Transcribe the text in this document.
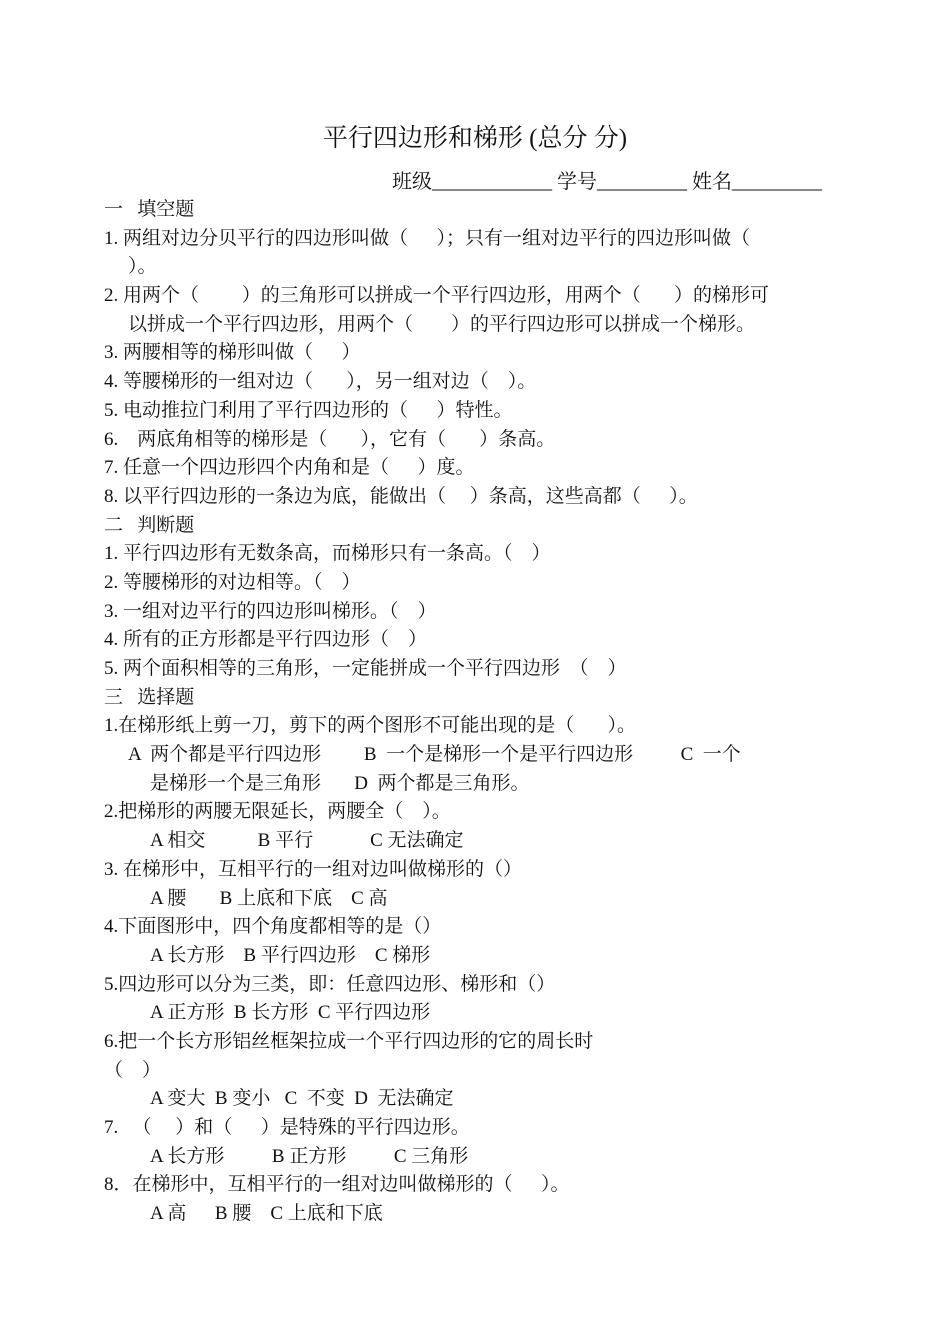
平行四边形和梯形 (总分 分)
班级____________ 学号_________ 姓名_________
一   填空题
1. 两组对边分贝平行的四边形叫做（      ）；只有一组对边平行的四边形叫做（
）。
2. 用两个（         ）的三角形可以拼成一个平行四边形，用两个（       ）的梯形可
以拼成一个平行四边形，用两个（        ）的平行四边形可以拼成一个梯形。
3. 两腰相等的梯形叫做（      ）
4. 等腰梯形的一组对边（       ），另一组对边（    ）。
5. 电动推拉门利用了平行四边形的（      ）特性。
6.    两底角相等的梯形是（       ），它有（       ）条高。
7. 任意一个四边形四个内角和是（      ）度。
8. 以平行四边形的一条边为底，能做出（     ）条高，这些高都（      ）。
二   判断题
1. 平行四边形有无数条高，而梯形只有一条高。（    ）
2. 等腰梯形的对边相等。（    ）
3. 一组对边平行的四边形叫梯形。（    ）
4. 所有的正方形都是平行四边形（    ）
5. 两个面积相等的三角形，一定能拼成一个平行四边形  （    ）
三   选择题
1.在梯形纸上剪一刀，剪下的两个图形不可能出现的是（       ）。
A  两个都是平行四边形         B  一个是梯形一个是平行四边形          C  一个
是梯形一个是三角形       D  两个都是三角形。
2.把梯形的两腰无限延长，两腰全（    ）。
A 相交           B 平行            C 无法确定
3. 在梯形中，互相平行的一组对边叫做梯形的（）
A 腰       B 上底和下底    C 高
4.下面图形中，四个角度都相等的是（）
A 长方形    B 平行四边形    C 梯形
5.四边形可以分为三类，即：任意四边形、梯形和（）
A 正方形  B 长方形  C 平行四边形
6.把一个长方形铝丝框架拉成一个平行四边形的它的周长时
（    ）
A 变大  B 变小   C  不变  D  无法确定
7.   （     ）和（      ）是特殊的平行四边形。
A 长方形          B 正方形          C 三角形
8．在梯形中，互相平行的一组对边叫做梯形的（      ）。
A 高      B 腰    C 上底和下底
